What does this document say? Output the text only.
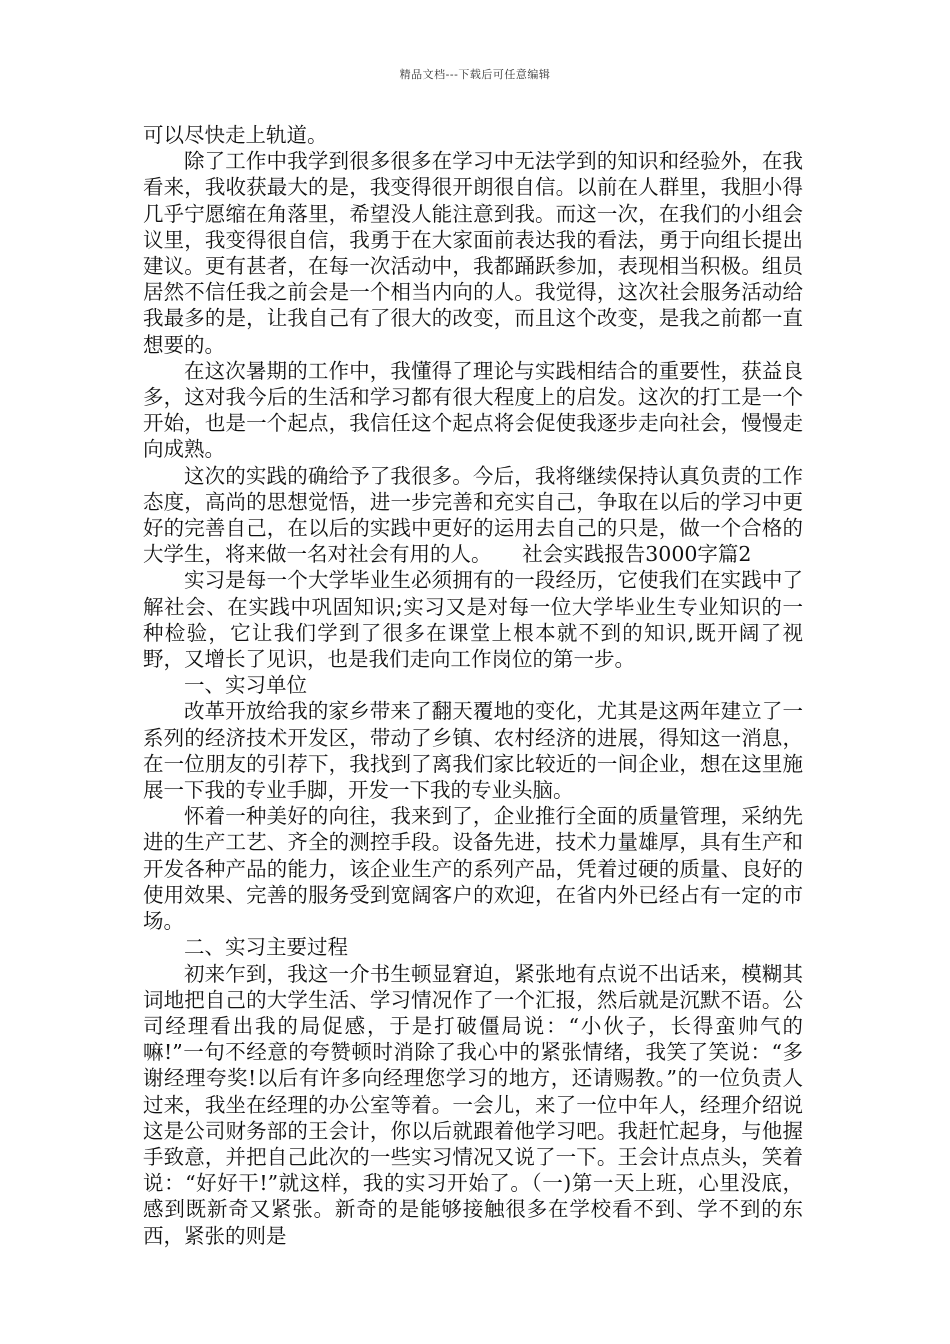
精品文档---下载后可任意编辑

可以尽快走上轨道。

除了工作中我学到很多很多在学习中无法学到的知识和经验外，在我看来，我收获最大的是，我变得很开朗很自信。以前在人群里，我胆小得几乎宁愿缩在角落里，希望没人能注意到我。而这一次，在我们的小组会议里，我变得很自信，我勇于在大家面前表达我的看法，勇于向组长提出建议。更有甚者，在每一次活动中，我都踊跃参加，表现相当积极。组员居然不信任我之前会是一个相当内向的人。我觉得，这次社会服务活动给我最多的是，让我自己有了很大的改变，而且这个改变，是我之前都一直想要的。

在这次暑期的工作中，我懂得了理论与实践相结合的重要性，获益良多，这对我今后的生活和学习都有很大程度上的启发。这次的打工是一个开始，也是一个起点，我信任这个起点将会促使我逐步走向社会，慢慢走向成熟。

这次的实践的确给予了我很多。今后，我将继续保持认真负责的工作态度，高尚的思想觉悟，进一步完善和充实自己，争取在以后的学习中更好的完善自己，在以后的实践中更好的运用去自己的只是，做一个合格的大学生，将来做一名对社会有用的人。　　社会实践报告3000字篇2

实习是每一个大学毕业生必须拥有的一段经历，它使我们在实践中了解社会、在实践中巩固知识;实习又是对每一位大学毕业生专业知识的一种检验，它让我们学到了很多在课堂上根本就不到的知识,既开阔了视野，又增长了见识，也是我们走向工作岗位的第一步。

一、实习单位

改革开放给我的家乡带来了翻天覆地的变化，尤其是这两年建立了一系列的经济技术开发区，带动了乡镇、农村经济的进展，得知这一消息，在一位朋友的引荐下，我找到了离我们家比较近的一间企业，想在这里施展一下我的专业手脚，开发一下我的专业头脑。

怀着一种美好的向往，我来到了，企业推行全面的质量管理，采纳先进的生产工艺、齐全的测控手段。设备先进，技术力量雄厚，具有生产和开发各种产品的能力，该企业生产的系列产品，凭着过硬的质量、良好的使用效果、完善的服务受到宽阔客户的欢迎，在省内外已经占有一定的市场。

二、实习主要过程

初来乍到，我这一介书生顿显窘迫，紧张地有点说不出话来，模糊其词地把自己的大学生活、学习情况作了一个汇报，然后就是沉默不语。公司经理看出我的局促感，于是打破僵局说：“小伙子，长得蛮帅气的嘛!”一句不经意的夸赞顿时消除了我心中的紧张情绪，我笑了笑说：“多谢经理夸奖!以后有许多向经理您学习的地方，还请赐教。”的一位负责人过来，我坐在经理的办公室等着。一会儿，来了一位中年人，经理介绍说这是公司财务部的王会计，你以后就跟着他学习吧。我赶忙起身，与他握手致意，并把自己此次的一些实习情况又说了一下。王会计点点头，笑着说：“好好干!”就这样，我的实习开始了。（一)第一天上班，心里没底，感到既新奇又紧张。新奇的是能够接触很多在学校看不到、学不到的东西，紧张的则是
